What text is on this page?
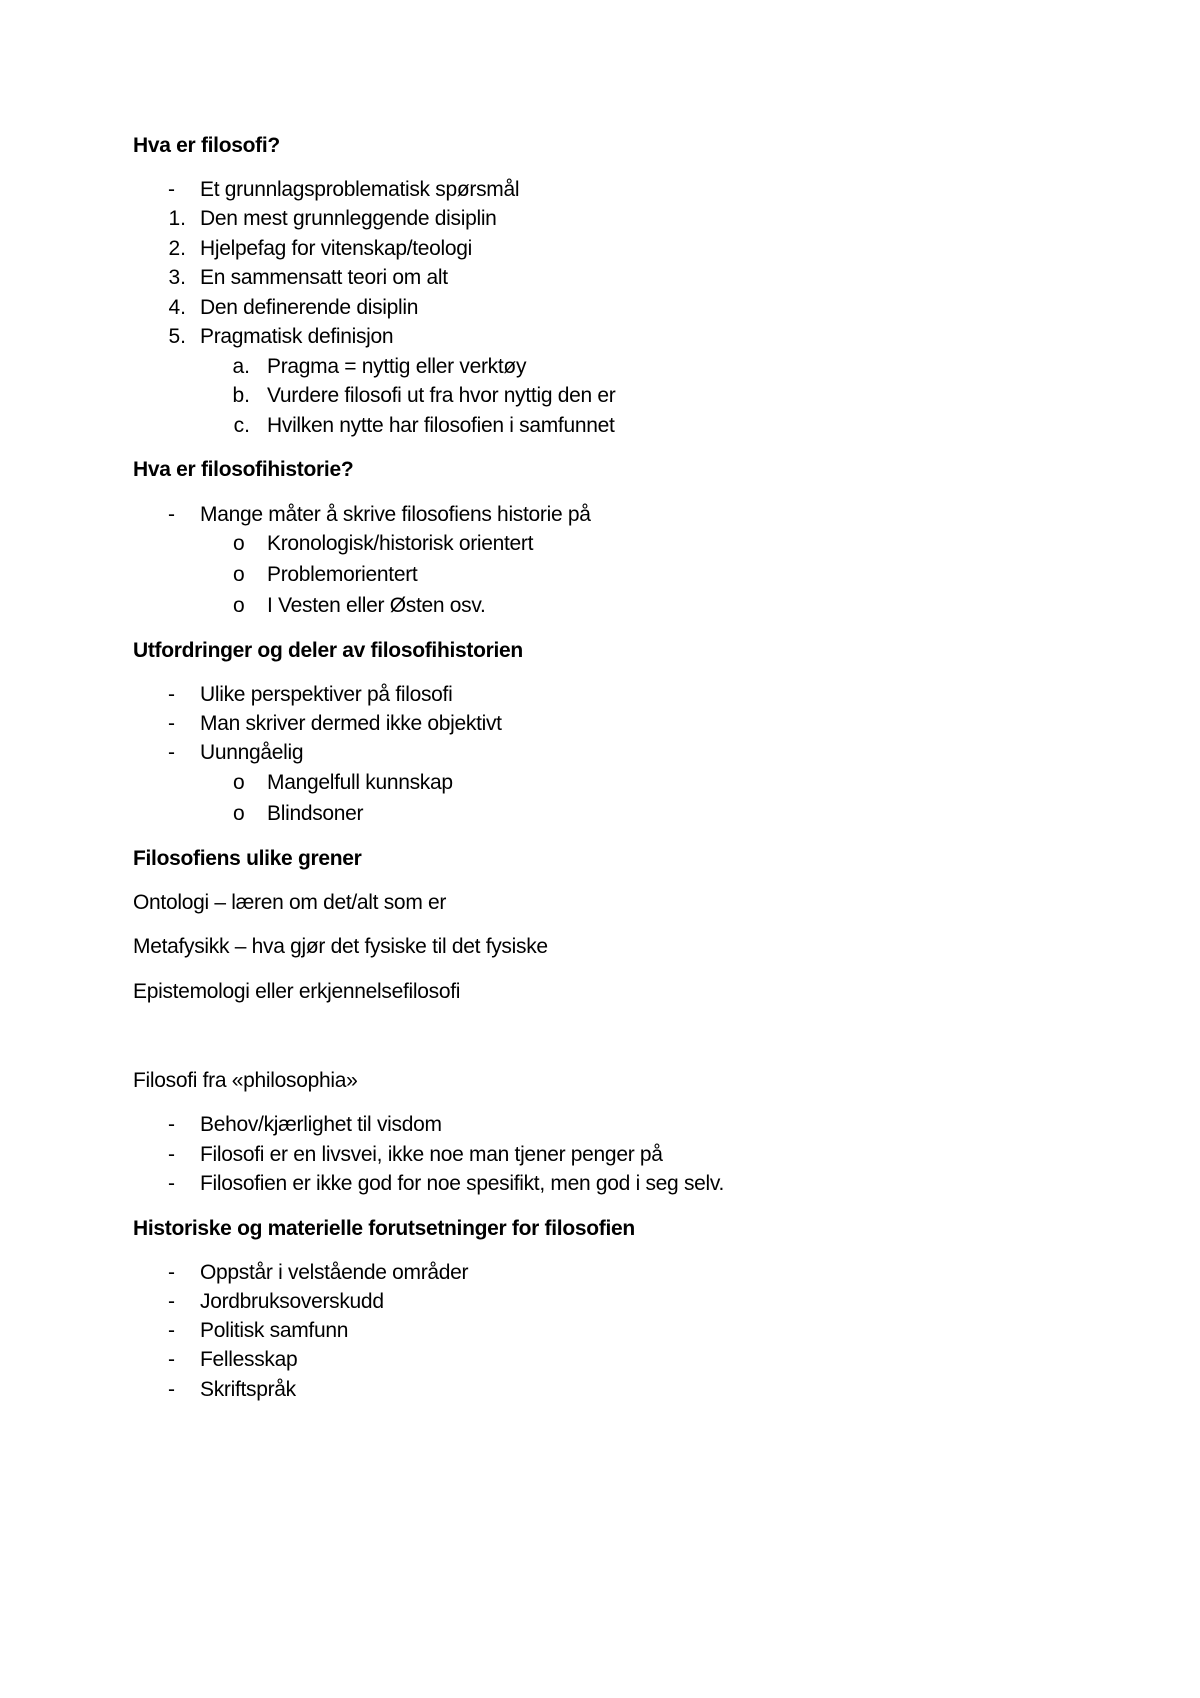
Hva er filosofi?
- Et grunnlagsproblematisk spørsmål
1. Den mest grunnleggende disiplin
2. Hjelpefag for vitenskap/teologi
3. En sammensatt teori om alt
4. Den definerende disiplin
5. Pragmatisk definisjon
a. Pragma = nyttig eller verktøy
b. Vurdere filosofi ut fra hvor nyttig den er
c. Hvilken nytte har filosofien i samfunnet
Hva er filosofihistorie?
- Mange måter å skrive filosofiens historie på
o Kronologisk/historisk orientert
o Problemorientert
o I Vesten eller Østen osv.
Utfordringer og deler av filosofihistorien
- Ulike perspektiver på filosofi
- Man skriver dermed ikke objektivt
- Uunngåelig
o Mangelfull kunnskap
o Blindsoner
Filosofiens ulike grener
Ontologi – læren om det/alt som er
Metafysikk – hva gjør det fysiske til det fysiske
Epistemologi eller erkjennelsefilosofi
Filosofi fra «philosophia»
- Behov/kjærlighet til visdom
- Filosofi er en livsvei, ikke noe man tjener penger på
- Filosofien er ikke god for noe spesifikt, men god i seg selv.
Historiske og materielle forutsetninger for filosofien
- Oppstår i velstående områder
- Jordbruksoverskudd
- Politisk samfunn
- Fellesskap
- Skriftspråk
